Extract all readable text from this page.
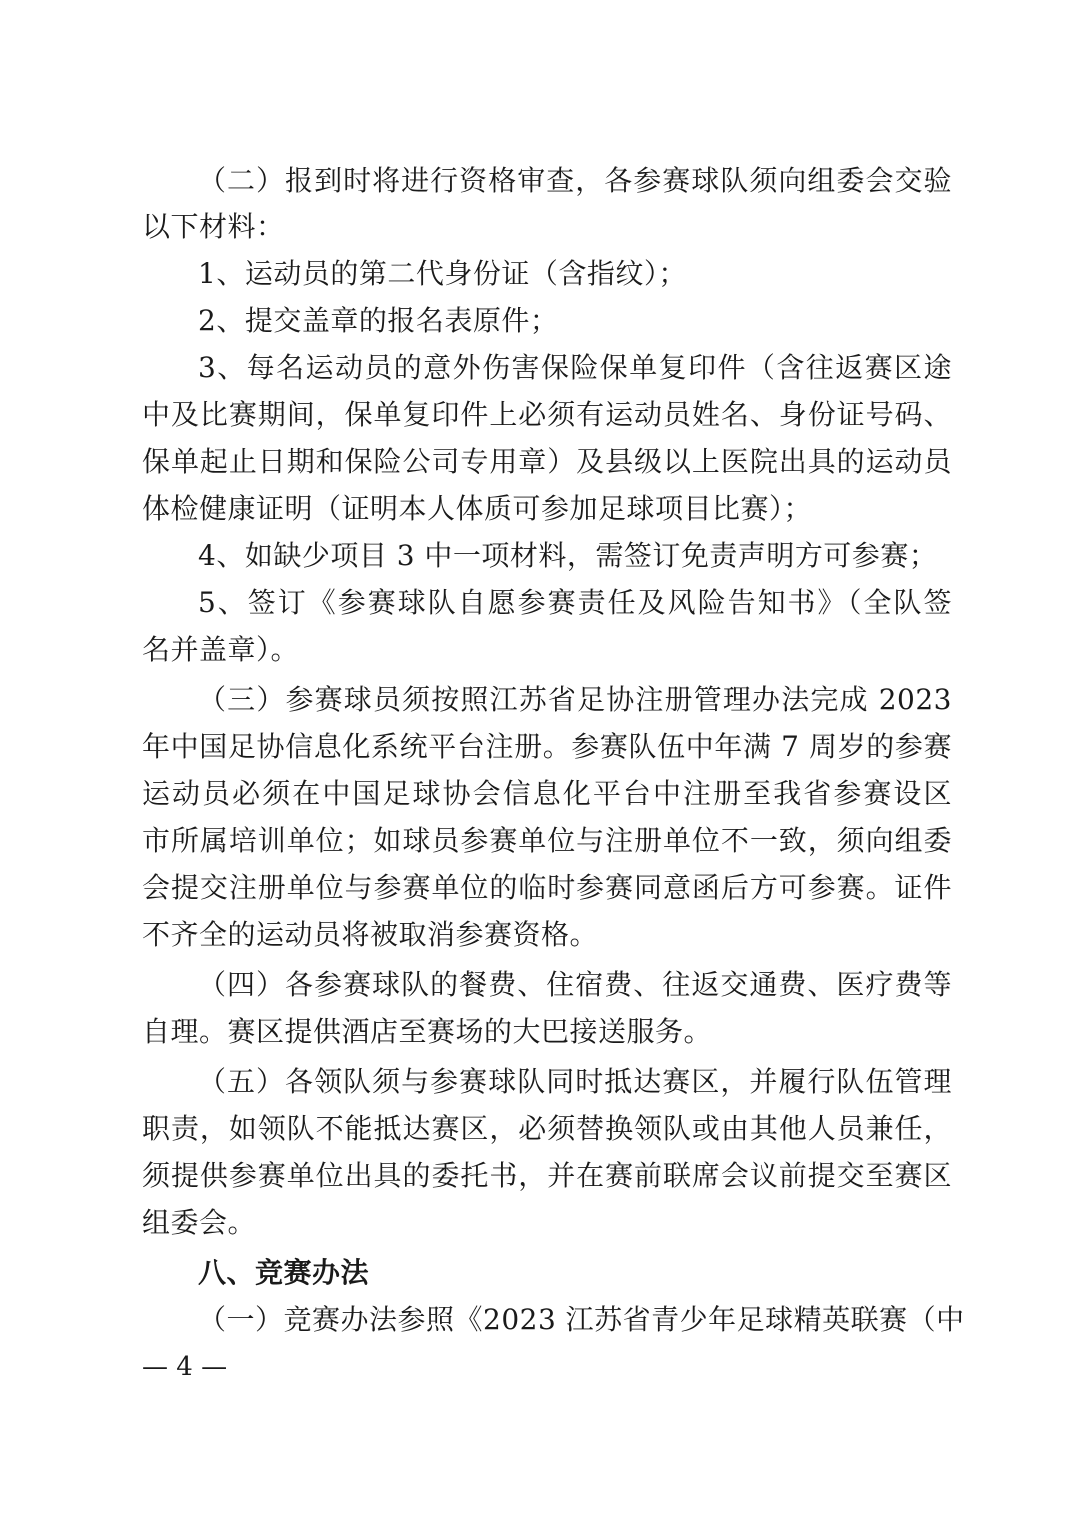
（二）报到时将进行资格审查，各参赛球队须向组委会交验
以下材料：
1、运动员的第二代身份证（含指纹）；
2、提交盖章的报名表原件；
3、每名运动员的意外伤害保险保单复印件（含往返赛区途
中及比赛期间，保单复印件上必须有运动员姓名、身份证号码、
保单起止日期和保险公司专用章）及县级以上医院出具的运动员
体检健康证明（证明本人体质可参加足球项目比赛）；
4、如缺少项目 3 中一项材料，需签订免责声明方可参赛；
5、签订《参赛球队自愿参赛责任及风险告知书》（全队签
名并盖章）。
（三）参赛球员须按照江苏省足协注册管理办法完成 2023
年中国足协信息化系统平台注册。参赛队伍中年满 7 周岁的参赛
运动员必须在中国足球协会信息化平台中注册至我省参赛设区
市所属培训单位；如球员参赛单位与注册单位不一致，须向组委
会提交注册单位与参赛单位的临时参赛同意函后方可参赛。证件
不齐全的运动员将被取消参赛资格。
（四）各参赛球队的餐费、住宿费、往返交通费、医疗费等
自理。赛区提供酒店至赛场的大巴接送服务。
（五）各领队须与参赛球队同时抵达赛区，并履行队伍管理
职责，如领队不能抵达赛区，必须替换领队或由其他人员兼任，
须提供参赛单位出具的委托书，并在赛前联席会议前提交至赛区
组委会。
八、竞赛办法
（一）竞赛办法参照《2023 江苏省青少年足球精英联赛（中
— 4 —
